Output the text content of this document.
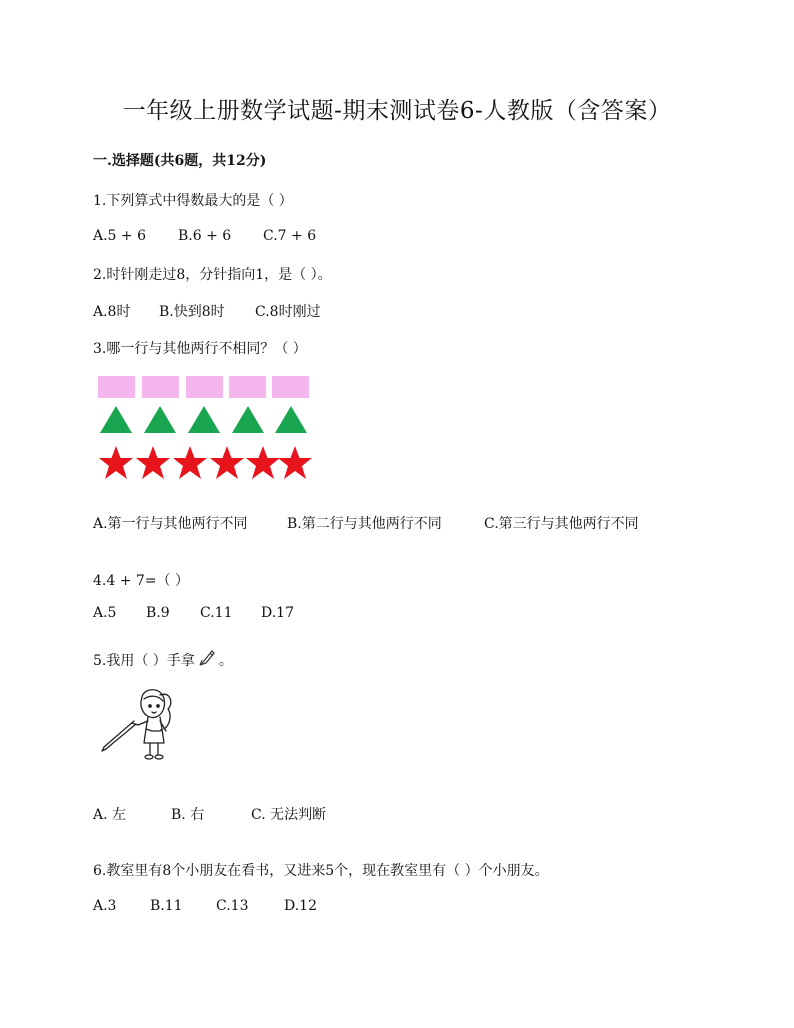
一年级上册数学试题-期末测试卷6-人教版（含答案）
一.选择题(共6题，共12分)
1.下列算式中得数最大的是（ ）
A.5 + 6 B.6 + 6 C.7 + 6
2.时针刚走过8，分针指向1，是（ ）。
A.8时 B.快到8时 C.8时刚过
3.哪一行与其他两行不相同？（ ）
A.第一行与其他两行不同	B.第二行与其他两行不同	C.第三行与其他两行不同
4.4 + 7=（ ）
A.5 B.9 C.11 D.17
5.我用（ ）手拿 。
A. 左	B. 右	C. 无法判断
6.教室里有8个小朋友在看书，又进来5个，现在教室里有（ ）个小朋友。
A.3 B.11 C.13	D.12
